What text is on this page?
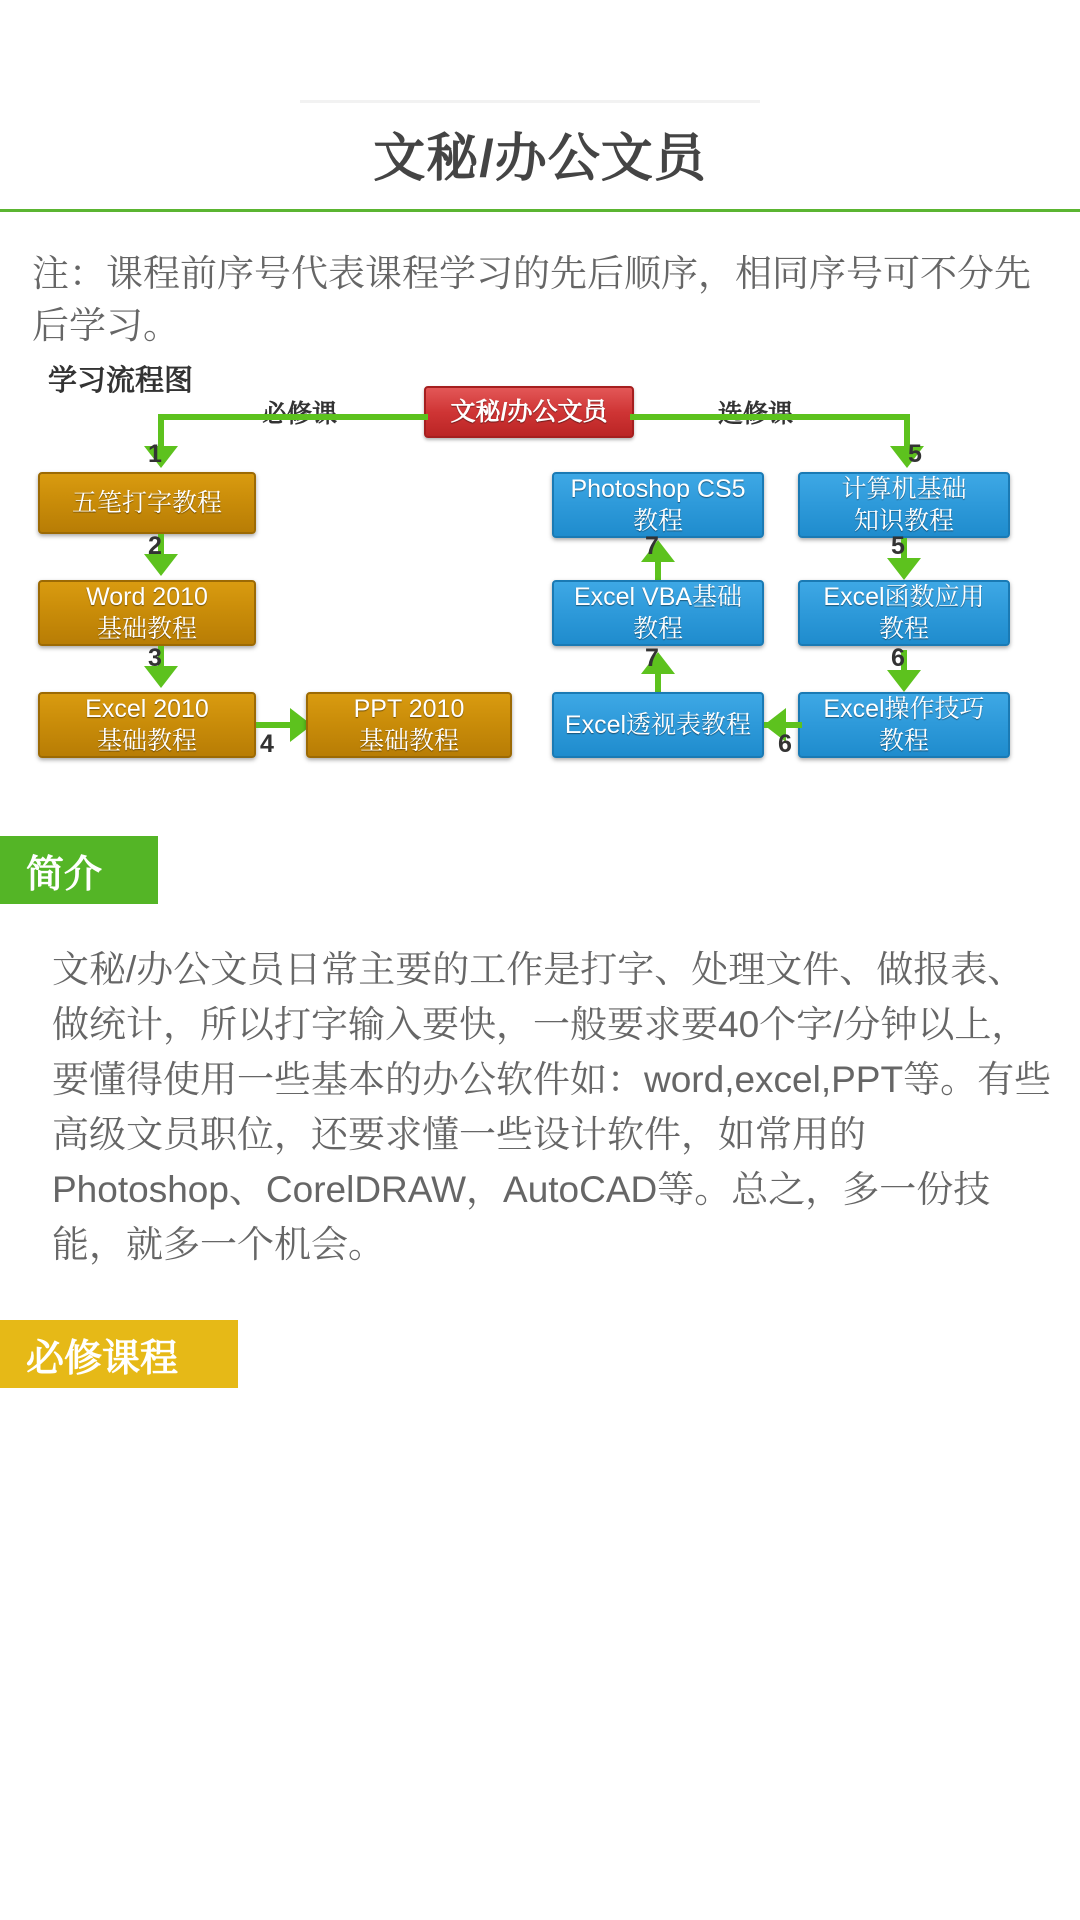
文秘/办公文员
注：课程前序号代表课程学习的先后顺序，相同序号可不分先后学习。
学习流程图
文秘/办公文员
1	5
五笔打字教程
2
Word 2010
基础教程
3
Excel 2010
基础教程	4
PPT 2010
基础教程
Photoshop CS5
教程
7
Excel VBA基础
教程
7
Excel透视表教程
计算机基础
知识教程
5
Excel函数应用
教程
6
Excel操作技巧
教程
6
简介
文秘/办公文员日常主要的工作是打字、处理文件、做报表、做统计，所以打字输入要快，一般要求要40个字/分钟以上，要懂得使用一些基本的办公软件如：word,excel,PPT等。有些高级文员职位，还要求懂一些设计软件，如常用的Photoshop、CorelDRAW，AutoCAD等。总之，多一份技能，就多一个机会。
必修课程
